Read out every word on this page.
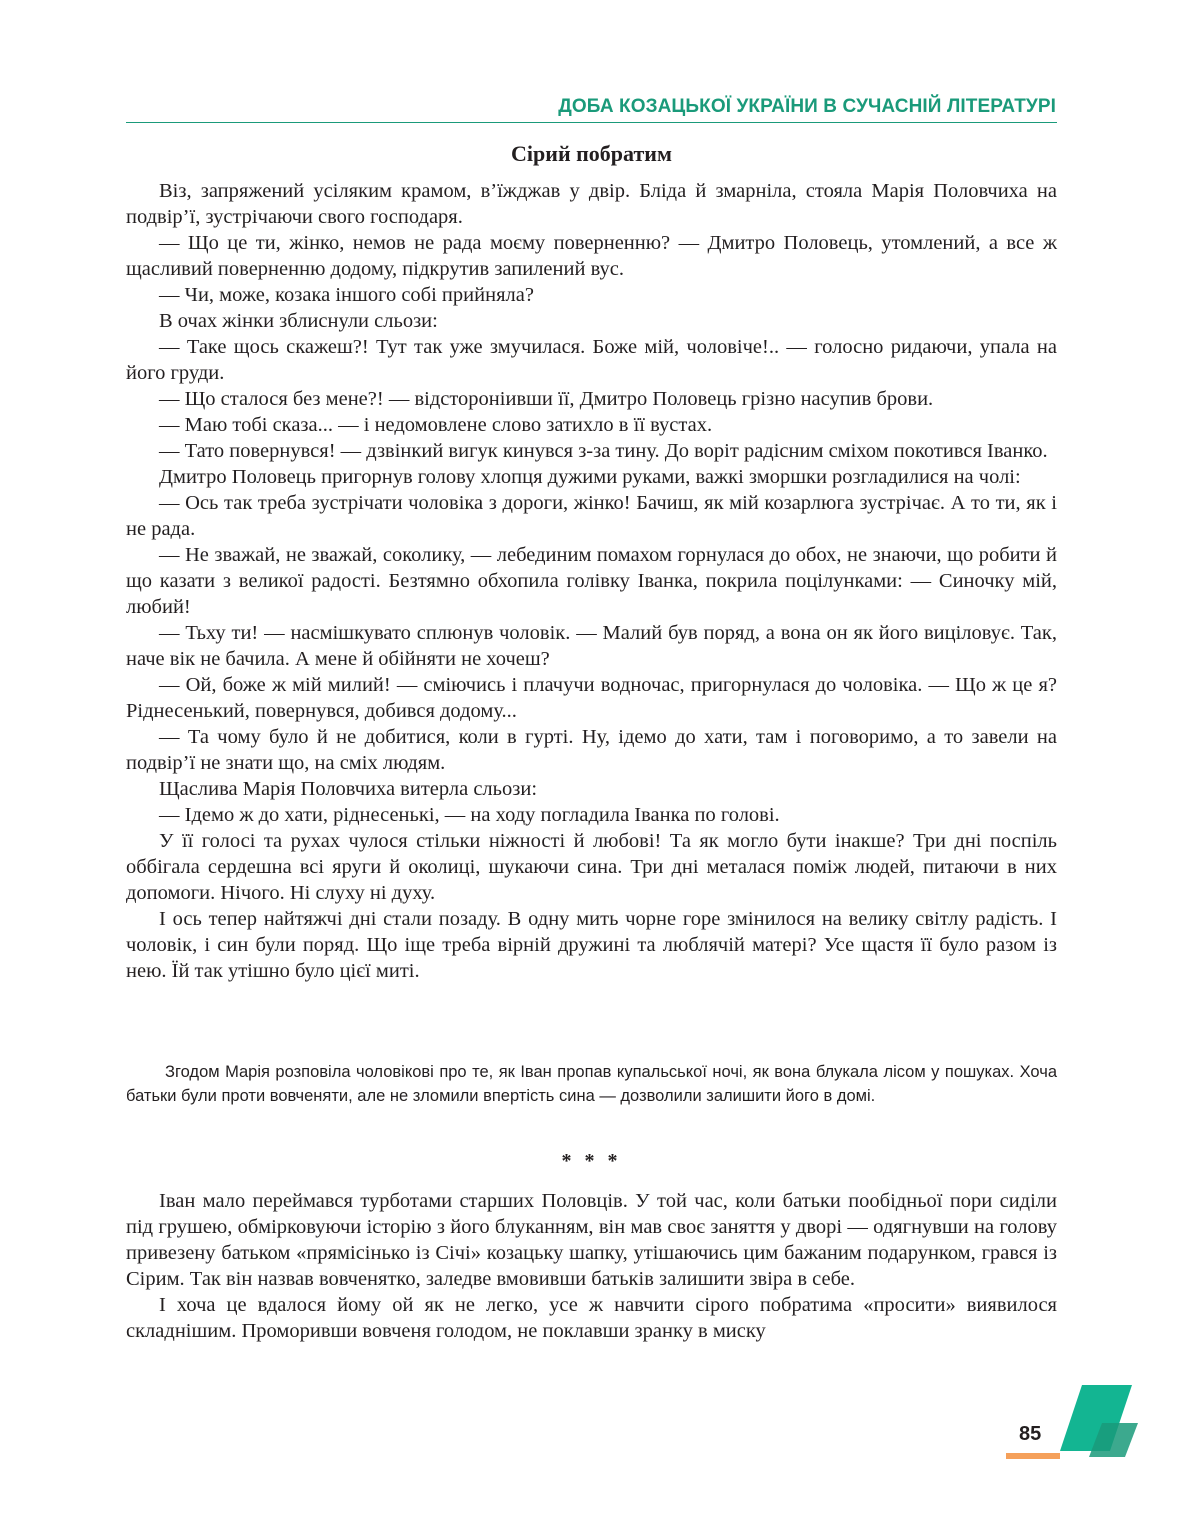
ДОБА КОЗАЦЬКОЇ УКРАЇНИ В СУЧАСНІЙ ЛІТЕРАТУРІ
Сірий побратим

Віз, запряжений усіляким крамом, в’їжджав у двір. Бліда й змарніла, стояла Марія Половчиха на подвір’ї, зустрічаючи свого господаря.

— Що це ти, жінко, немов не рада моєму поверненню? — Дмитро Половець, утомлений, а все ж щасливий поверненню додому, підкрутив запилений вус.

— Чи, може, козака іншого собі прийняла?

В очах жінки зблиснули сльози:

— Таке щось скажеш?! Тут так уже змучилася. Боже мій, чоловіче!.. — голосно ридаючи, упала на його груди.

— Що сталося без мене?! — відстороніивши її, Дмитро Половець грізно насупив брови.

— Маю тобі сказа... — і недомовлене слово затихло в її вустах.

— Тато повернувся! — дзвінкий вигук кинувся з-за тину. До воріт радісним сміхом покотився Іванко.

Дмитро Половець пригорнув голову хлопця дужими руками, важкі зморшки розгладилися на чолі:

— Ось так треба зустрічати чоловіка з дороги, жінко! Бачиш, як мій козарлюга зустрічає. А то ти, як і не рада.

— Не зважай, не зважай, соколику, — лебединим помахом горнулася до обох, не знаючи, що робити й що казати з великої радості. Безтямно обхопила голівку Іванка, покрила поцілунками: — Синочку мій, любий!

— Тьху ти! — насмішкувато сплюнув чоловік. — Малий був поряд, а вона он як його виціловує. Так, наче вік не бачила. А мене й обійняти не хочеш?

— Ой, боже ж мій милий! — сміючись і плачучи водночас, пригорнулася до чоловіка. — Що ж це я? Ріднесенький, повернувся, добився додому...

— Та чому було й не добитися, коли в гурті. Ну, ідемо до хати, там і поговоримо, а то завели на подвір’ї не знати що, на сміх людям.

Щаслива Марія Половчиха витерла сльози:

— Ідемо ж до хати, ріднесенькі, — на ходу погладила Іванка по голові.

У її голосі та рухах чулося стільки ніжності й любові! Та як могло бути інакше? Три дні поспіль оббігала сердешна всі яруги й околиці, шукаючи сина. Три дні металася поміж людей, питаючи в них допомоги. Нічого. Ні слуху ні духу.

І ось тепер найтяжчі дні стали позаду. В одну мить чорне горе змінилося на велику світлу радість. І чоловік, і син були поряд. Що іще треба вірній дружині та люблячій матері? Усе щастя її було разом із нею. Їй так утішно було цієї миті.

Згодом Марія розповіла чоловікові про те, як Іван пропав купальської ночі, як вона блукала лісом у пошуках. Хоча батьки були проти вовченяти, але не зломили впертість сина — дозволили залишити його в домі.

* * *

Іван мало переймався турботами старших Половців. У той час, коли батьки пообідньої пори сиділи під грушею, обмірковуючи історію з його блуканням, він мав своє заняття у дворі — одягнувши на голову привезену батьком «прямісінько із Січі» козацьку шапку, утішаючись цим бажаним подарунком, грався із Сірим. Так він назвав вовченятко, заледве вмовивши батьків залишити звіра в себе.

І хоча це вдалося йому ой як не легко, усе ж навчити сірого побратима «просити» виявилося складнішим. Проморивши вовченя голодом, не поклавши зранку в миску

85
